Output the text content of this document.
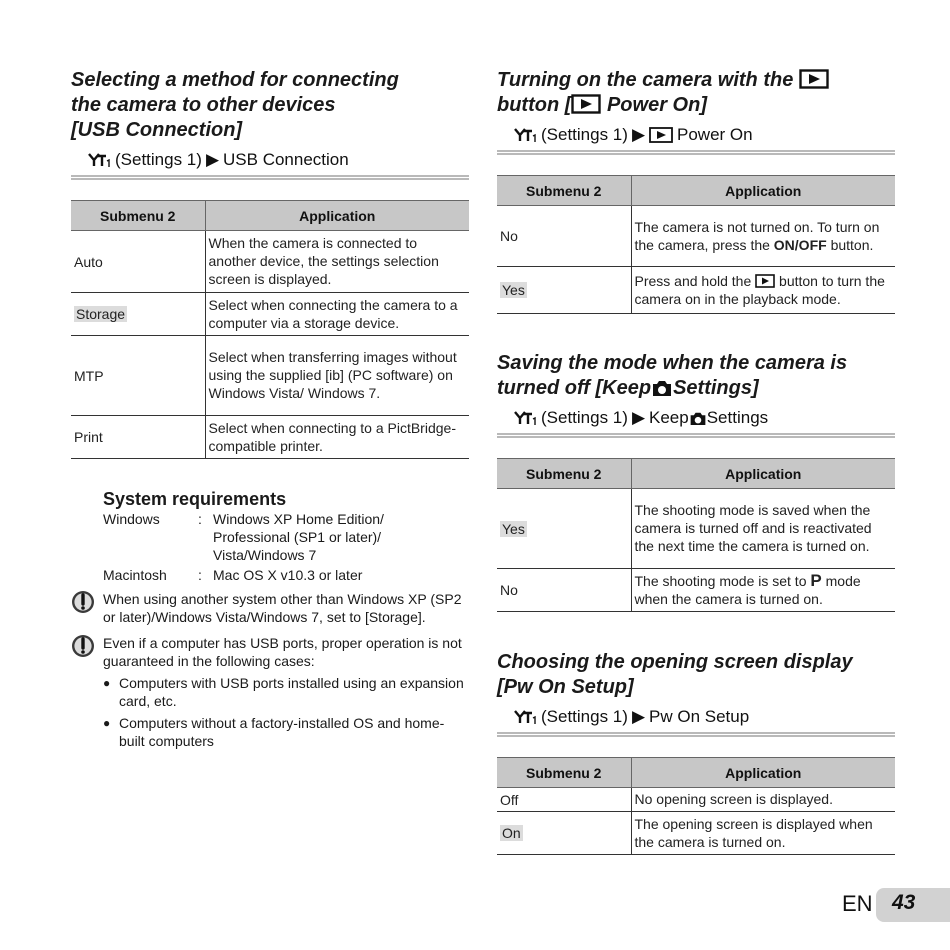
Selecting a method for connecting
the camera to other devices
[USB Connection]
(Settings 1) ▶ USB Connection
Submenu 2	Application
Auto	When the camera is connected to another device, the settings selection screen is displayed.
Storage	Select when connecting the camera to a computer via a storage device.
MTP	Select when transferring images without using the supplied [ib] (PC software) on Windows Vista/ Windows 7.
Print	Select when connecting to a PictBridge-compatible printer.
System requirements
Windows	: Windows XP Home Edition/ Professional (SP1 or later)/ Vista/Windows 7
Macintosh	: Mac OS X v10.3 or later
When using another system other than Windows XP (SP2 or later)/Windows Vista/Windows 7, set to [Storage].
Even if a computer has USB ports, proper operation is not guaranteed in the following cases:
● Computers with USB ports installed using an expansion card, etc.
● Computers without a factory-installed OS and home-built computers
Turning on the camera with the
button [ Power On]
(Settings 1) ▶ Power On
Submenu 2	Application
No	The camera is not turned on. To turn on the camera, press the ON/OFF button.
Yes	Press and hold the button to turn the camera on in the playback mode.
Saving the mode when the camera is
turned off [Keep Settings]
(Settings 1) ▶ Keep Settings
Submenu 2	Application
Yes	The shooting mode is saved when the camera is turned off and is reactivated the next time the camera is turned on.
No	The shooting mode is set to P mode when the camera is turned on.
Choosing the opening screen display
[Pw On Setup]
(Settings 1) ▶ Pw On Setup
Submenu 2	Application
Off	No opening screen is displayed.
On	The opening screen is displayed when the camera is turned on.
EN 43
